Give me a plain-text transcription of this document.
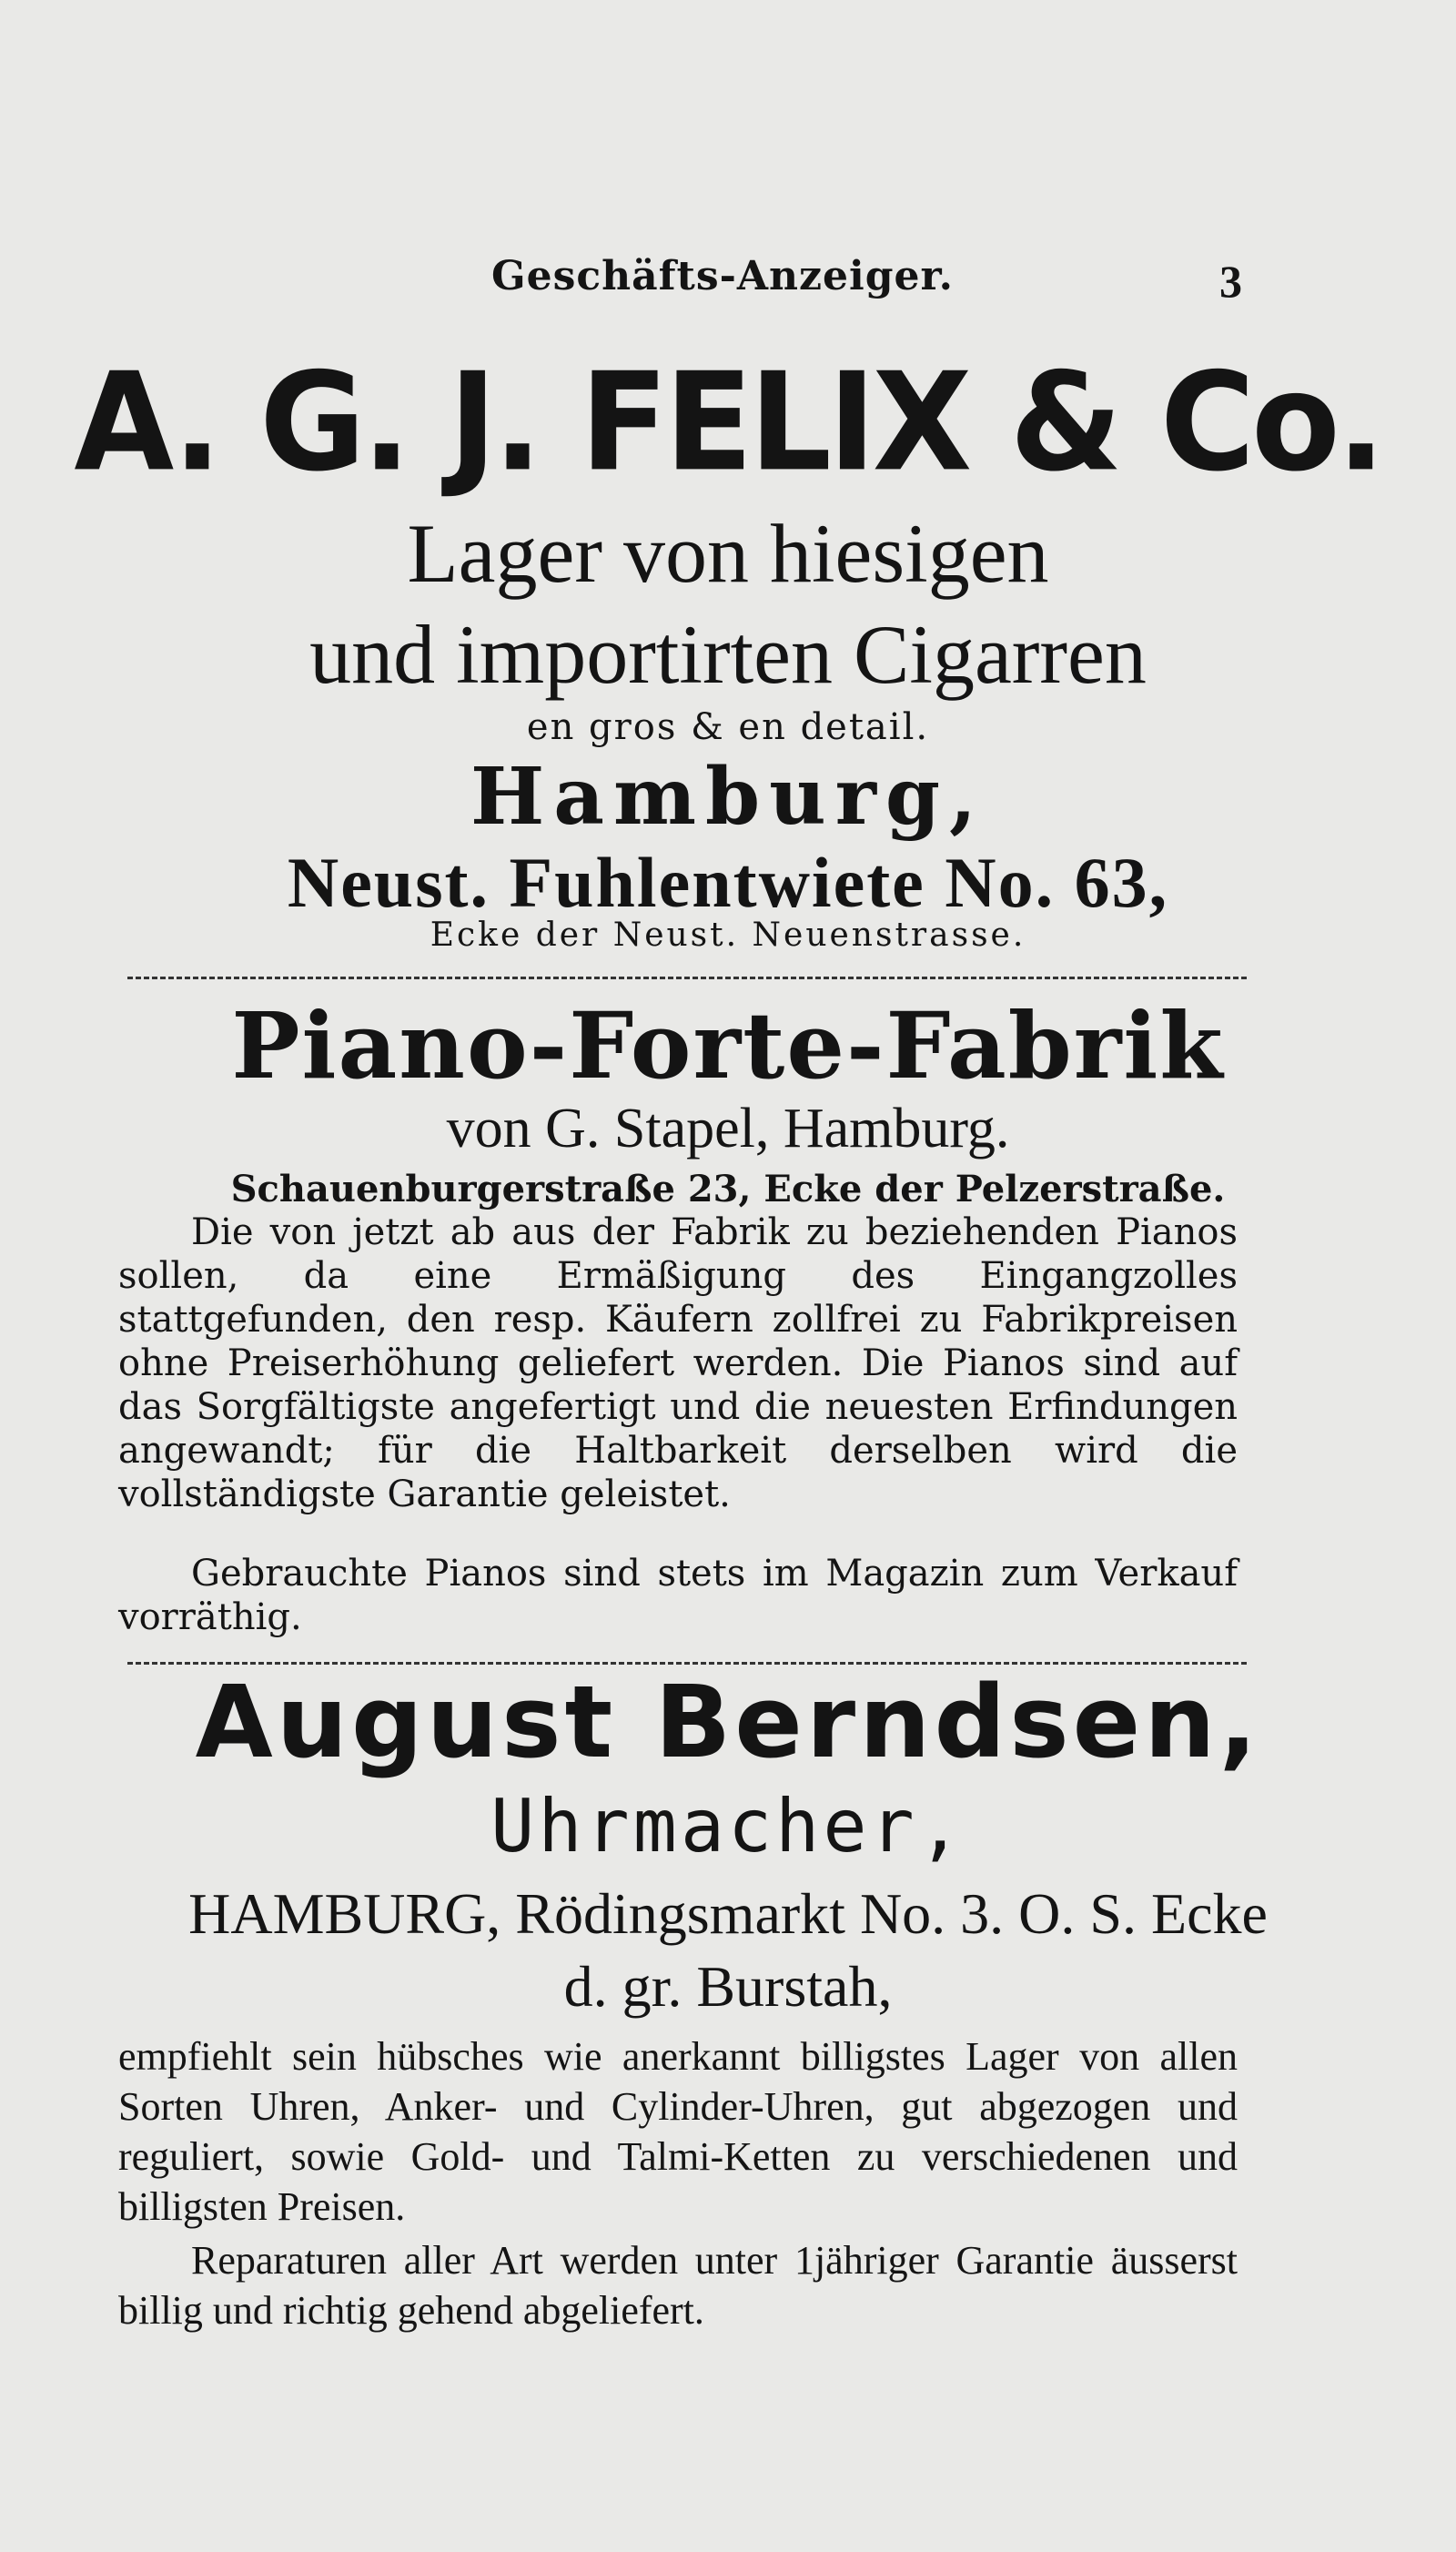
Geschäfts-Anzeiger.	3
A. G. J. FELIX & Co.
Lager von hiesigen
und importirten Cigarren
en gros & en detail.
Hamburg,
Neust. Fuhlentwiete No. 63,
Ecke der Neust. Neuenstrasse.
Piano-Forte-Fabrik
von G. Stapel, Hamburg.
Schauenburgerstraße 23, Ecke der Pelzerstraße.
Die von jetzt ab aus der Fabrik zu beziehenden Pianos sollen, da eine Ermäßigung des Eingangzolles stattgefunden, den resp. Käufern zollfrei zu Fabrikpreisen ohne Preiserhöhung geliefert werden. Die Pianos sind auf das Sorgfältigste angefertigt und die neuesten Erfindungen angewandt; für die Haltbarkeit derselben wird die vollständigste Garantie geleistet.
Gebrauchte Pianos sind stets im Magazin zum Verkauf vorräthig.
August Berndsen,
Uhrmacher,
HAMBURG, Rödingsmarkt No. 3. O. S. Ecke
d. gr. Burstah,
empfiehlt sein hübsches wie anerkannt billigstes Lager von allen Sorten Uhren, Anker- und Cylinder-Uhren, gut abgezogen und reguliert, sowie Gold- und Talmi-Ketten zu verschiedenen und billigsten Preisen.
Reparaturen aller Art werden unter 1jähriger Garantie äusserst billig und richtig gehend abgeliefert.
